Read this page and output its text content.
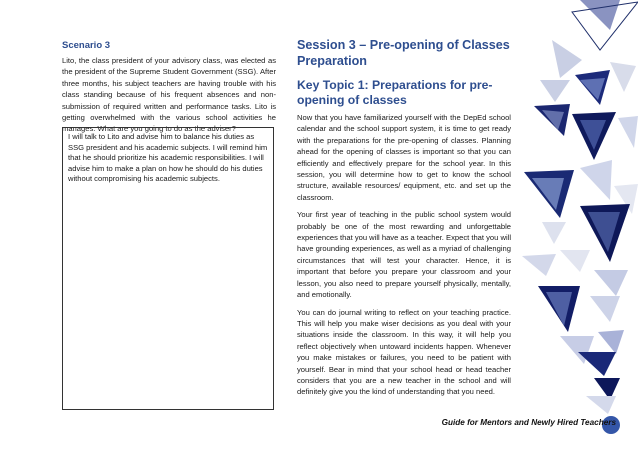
Scenario 3

Lito, the class president of your advisory class, was elected as the president of the Supreme Student Government (SSG). After three months, his subject teachers are having trouble with his class standing because of his frequent absences and non-submission of required written and performance tasks. Lito is getting overwhelmed with the various school activities he manages. What are you going to do as the adviser?

I will talk to Lito and advise him to balance his duties as SSG president and his academic subjects. I will remind him that he should prioritize his academic responsibilities. I will advise him to make a plan on how he should do his duties without compromising his academic subjects.

Session 3 – Pre-opening of Classes Preparation
Key Topic 1: Preparations for pre-opening of classes

Now that you have familiarized yourself with the DepEd school calendar and the school support system, it is time to get ready with the preparations for the pre-opening of classes. Planning ahead for the opening of classes is important so that you can efficiently and effectively prepare for the school year. In this session, you will determine how to get to know the school structure, available resources/ equipment, etc. and set up the classroom.

Your first year of teaching in the public school system would probably be one of the most rewarding and unforgettable experiences that you will have as a teacher. Expect that you will have grounding experiences, as well as a myriad of challenging circumstances that will test your character. Hence, it is important that before you prepare your classroom and your lesson, you also need to prepare yourself physically, mentally, and emotionally.

You can do journal writing to reflect on your teaching practice. This will help you make wiser decisions as you deal with your situations inside the classroom. In this way, it will help you reflect objectively when untoward incidents happen. Whenever you make mistakes or failures, you need to be patient with yourself. Bear in mind that your school head or head teacher considers that you are a new teacher in the school and will definitely give you the kind of understanding that you need.

Guide for Mentors and Newly Hired Teachers
